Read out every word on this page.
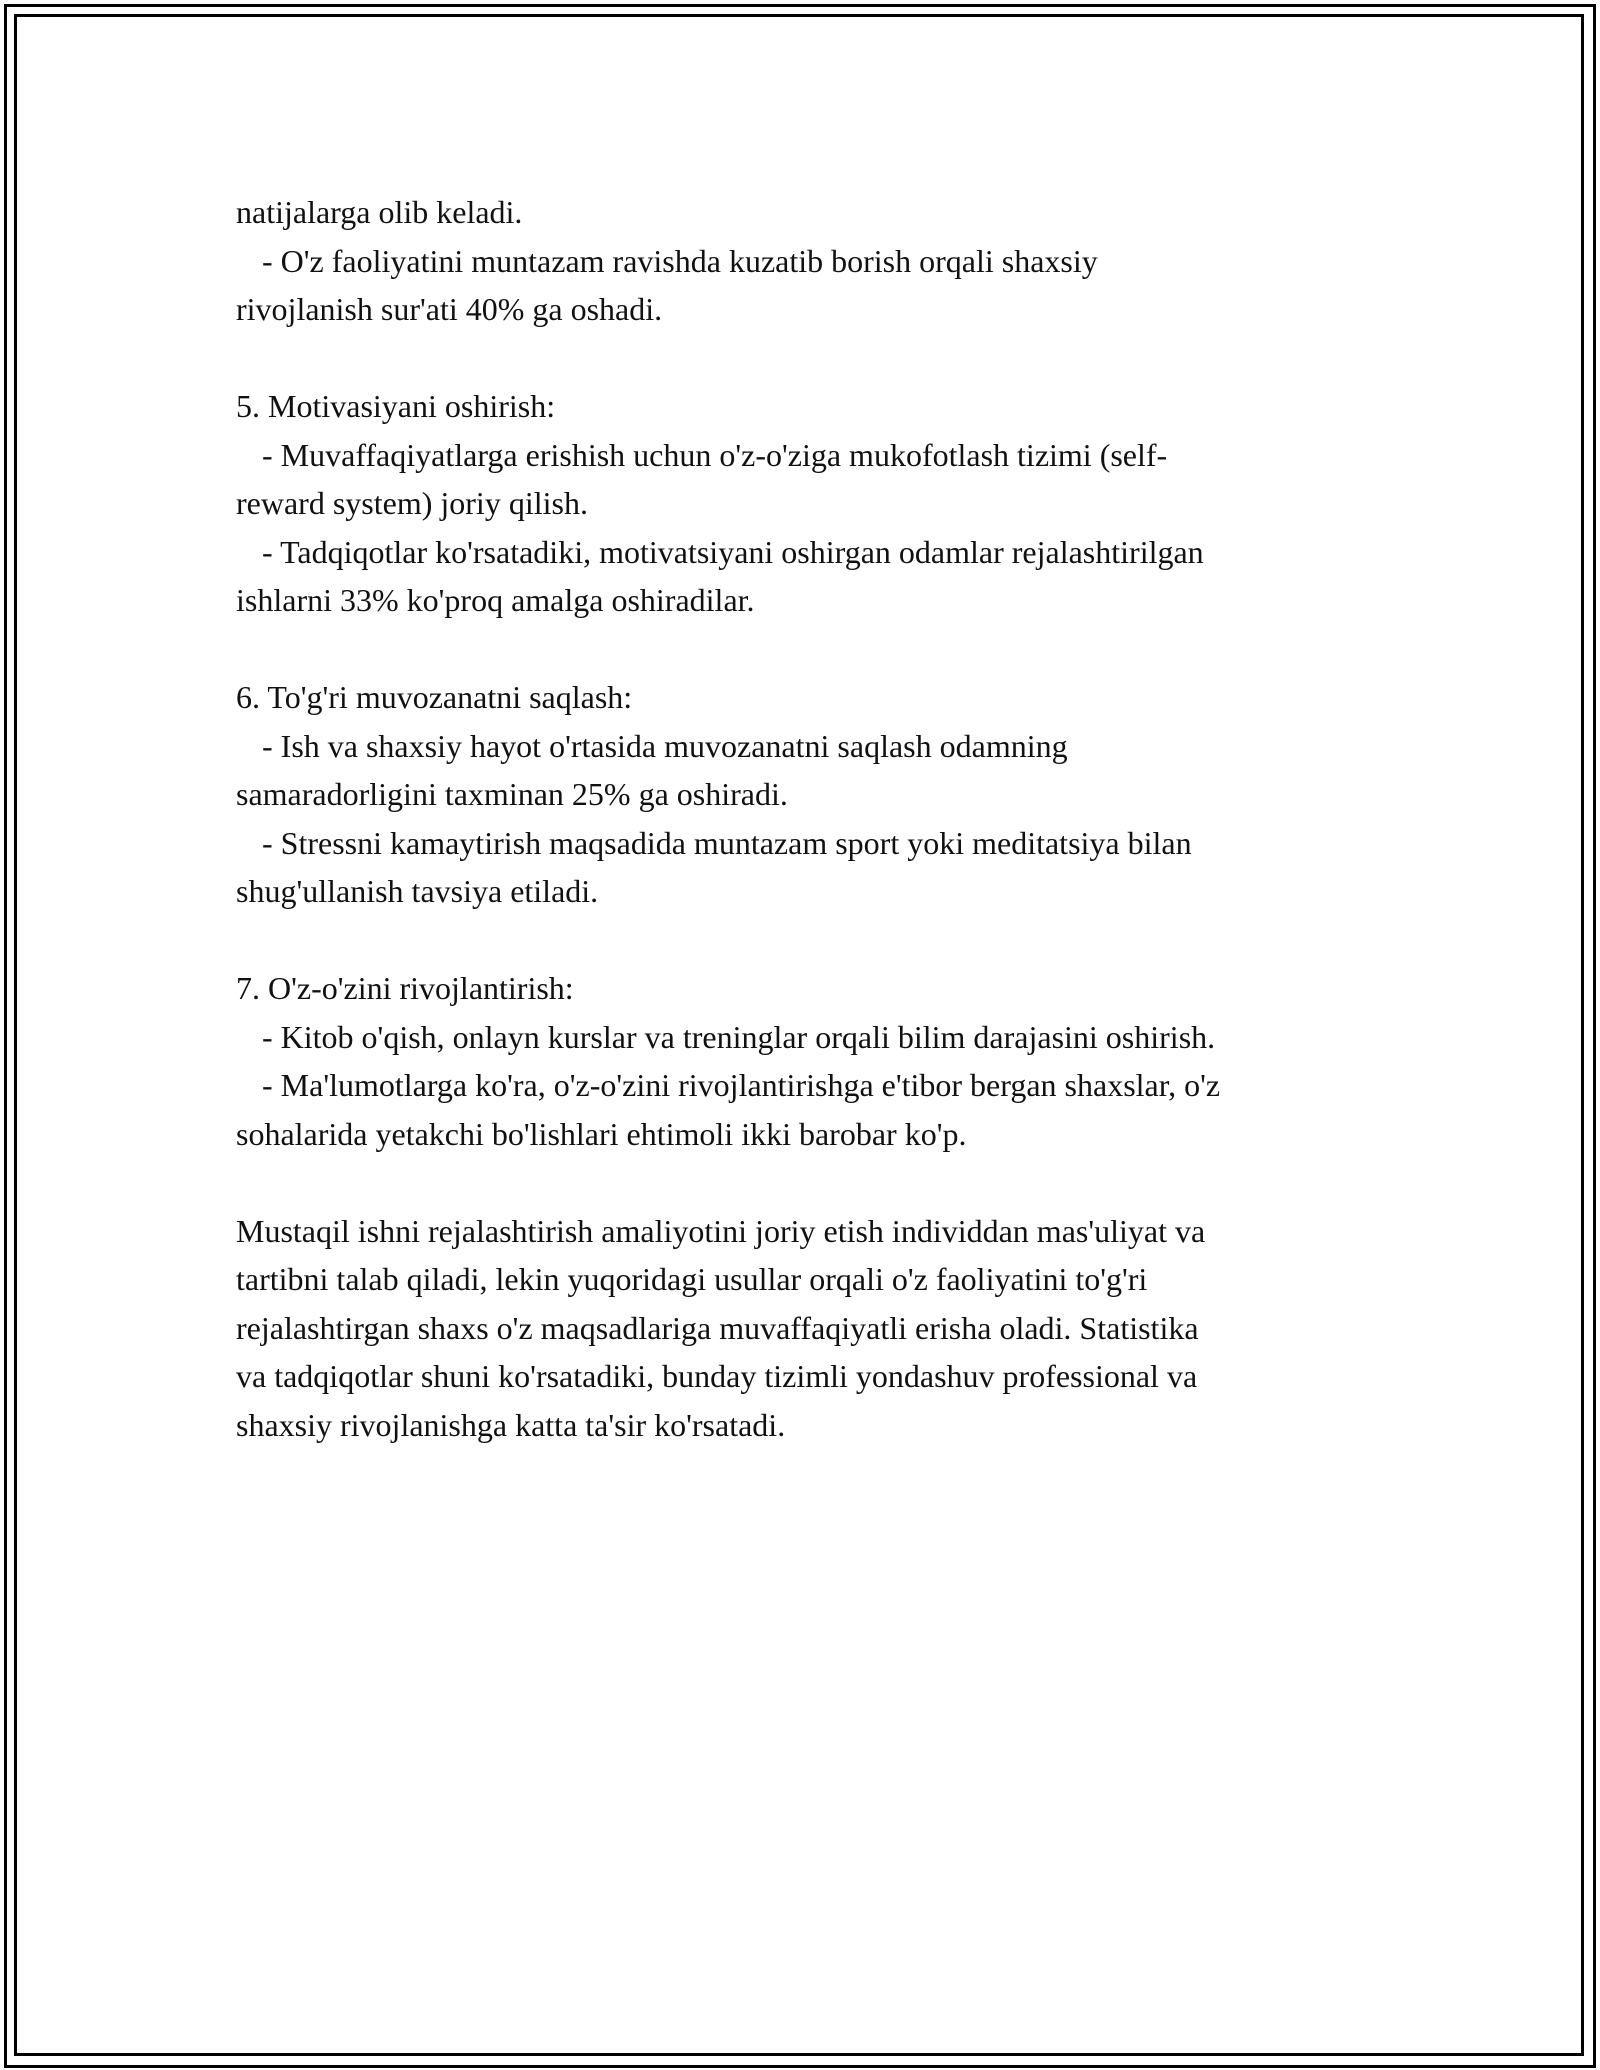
natijalarga olib keladi.

- O'z faoliyatini muntazam ravishda kuzatib borish orqali shaxsiy

rivojlanish sur'ati 40% ga oshadi.

5. Motivasiyani oshirish:

- Muvaffaqiyatlarga erishish uchun o'z-o'ziga mukofotlash tizimi (self-

reward system) joriy qilish.

- Tadqiqotlar ko'rsatadiki, motivatsiyani oshirgan odamlar rejalashtirilgan

ishlarni 33% ko'proq amalga oshiradilar.

6. To'g'ri muvozanatni saqlash:

- Ish va shaxsiy hayot o'rtasida muvozanatni saqlash odamning

samaradorligini taxminan 25% ga oshiradi.

- Stressni kamaytirish maqsadida muntazam sport yoki meditatsiya bilan

shug'ullanish tavsiya etiladi.

7. O'z-o'zini rivojlantirish:

- Kitob o'qish, onlayn kurslar va treninglar orqali bilim darajasini oshirish.

- Ma'lumotlarga ko'ra, o'z-o'zini rivojlantirishga e'tibor bergan shaxslar, o'z

sohalarida yetakchi bo'lishlari ehtimoli ikki barobar ko'p.

Mustaqil ishni rejalashtirish amaliyotini joriy etish individdan mas'uliyat va

tartibni talab qiladi, lekin yuqoridagi usullar orqali o'z faoliyatini to'g'ri

rejalashtirgan shaxs o'z maqsadlariga muvaffaqiyatli erisha oladi. Statistika

va tadqiqotlar shuni ko'rsatadiki, bunday tizimli yondashuv professional va

shaxsiy rivojlanishga katta ta'sir ko'rsatadi.
